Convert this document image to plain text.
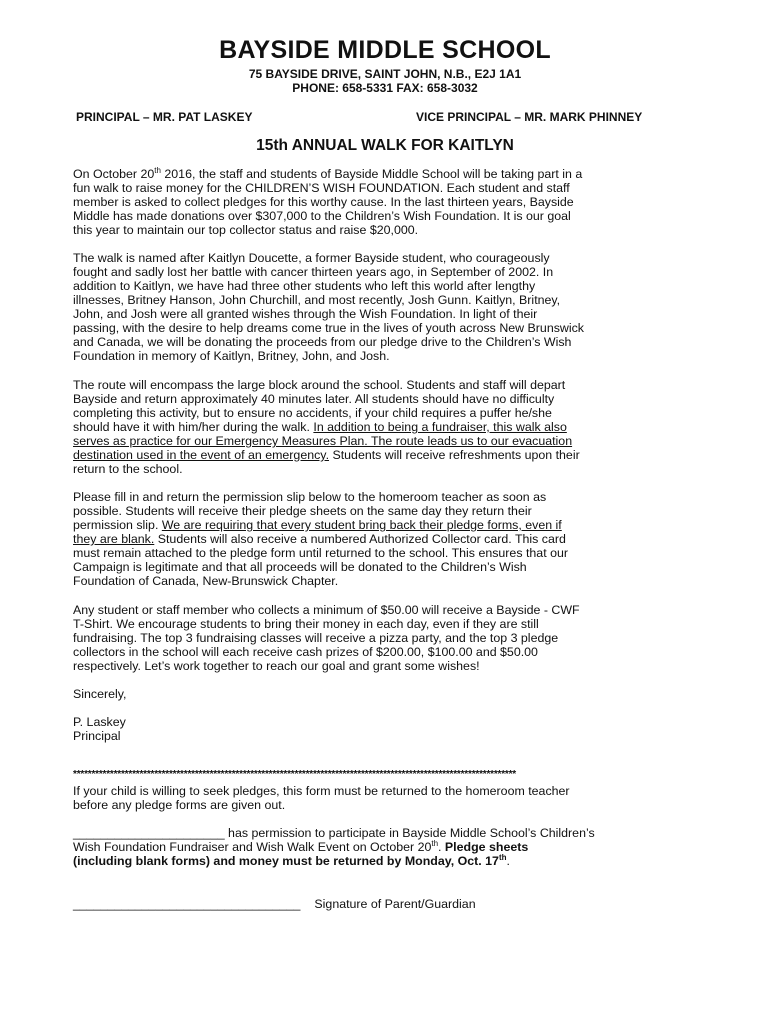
BAYSIDE MIDDLE SCHOOL

75 BAYSIDE DRIVE, SAINT JOHN, N.B., E2J 1A1

PHONE: 658-5331 FAX: 658-3032

PRINCIPAL – MR. PAT LASKEY	VICE PRINCIPAL – MR. MARK PHINNEY

15th ANNUAL WALK FOR KAITLYN
On October 20th 2016, the staff and students of Bayside Middle School will be taking part in a
fun walk to raise money for the CHILDREN’S WISH FOUNDATION. Each student and staff
member is asked to collect pledges for this worthy cause. In the last thirteen years, Bayside
Middle has made donations over $307,000 to the Children’s Wish Foundation. It is our goal
this year to maintain our top collector status and raise $20,000.
The walk is named after Kaitlyn Doucette, a former Bayside student, who courageously
fought and sadly lost her battle with cancer thirteen years ago, in September of 2002. In
addition to Kaitlyn, we have had three other students who left this world after lengthy
illnesses, Britney Hanson, John Churchill, and most recently, Josh Gunn. Kaitlyn, Britney,
John, and Josh were all granted wishes through the Wish Foundation. In light of their
passing, with the desire to help dreams come true in the lives of youth across New Brunswick
and Canada, we will be donating the proceeds from our pledge drive to the Children’s Wish
Foundation in memory of Kaitlyn, Britney, John, and Josh.
The route will encompass the large block around the school. Students and staff will depart
Bayside and return approximately 40 minutes later. All students should have no difficulty
completing this activity, but to ensure no accidents, if your child requires a puffer he/she
should have it with him/her during the walk. In addition to being a fundraiser, this walk also
serves as practice for our Emergency Measures Plan. The route leads us to our evacuation
destination used in the event of an emergency. Students will receive refreshments upon their
return to the school.
Please fill in and return the permission slip below to the homeroom teacher as soon as
possible. Students will receive their pledge sheets on the same day they return their
permission slip. We are requiring that every student bring back their pledge forms, even if
they are blank. Students will also receive a numbered Authorized Collector card. This card
must remain attached to the pledge form until returned to the school. This ensures that our
Campaign is legitimate and that all proceeds will be donated to the Children’s Wish
Foundation of Canada, New-Brunswick Chapter.
Any student or staff member who collects a minimum of $50.00 will receive a Bayside - CWF
T-Shirt. We encourage students to bring their money in each day, even if they are still
fundraising. The top 3 fundraising classes will receive a pizza party, and the top 3 pledge
collectors in the school will each receive cash prizes of $200.00, $100.00 and $50.00
respectively. Let’s work together to reach our goal and grant some wishes!

Sincerely,

P. Laskey
Principal
************************************************************************************************************************
If your child is willing to seek pledges, this form must be returned to the homeroom teacher
before any pledge forms are given out.
______________________ has permission to participate in Bayside Middle School’s Children’s
Wish Foundation Fundraiser and Wish Walk Event on October 20th. Pledge sheets
(including blank forms) and money must be returned by Monday, Oct. 17th.
_________________________________ Signature of Parent/Guardian
